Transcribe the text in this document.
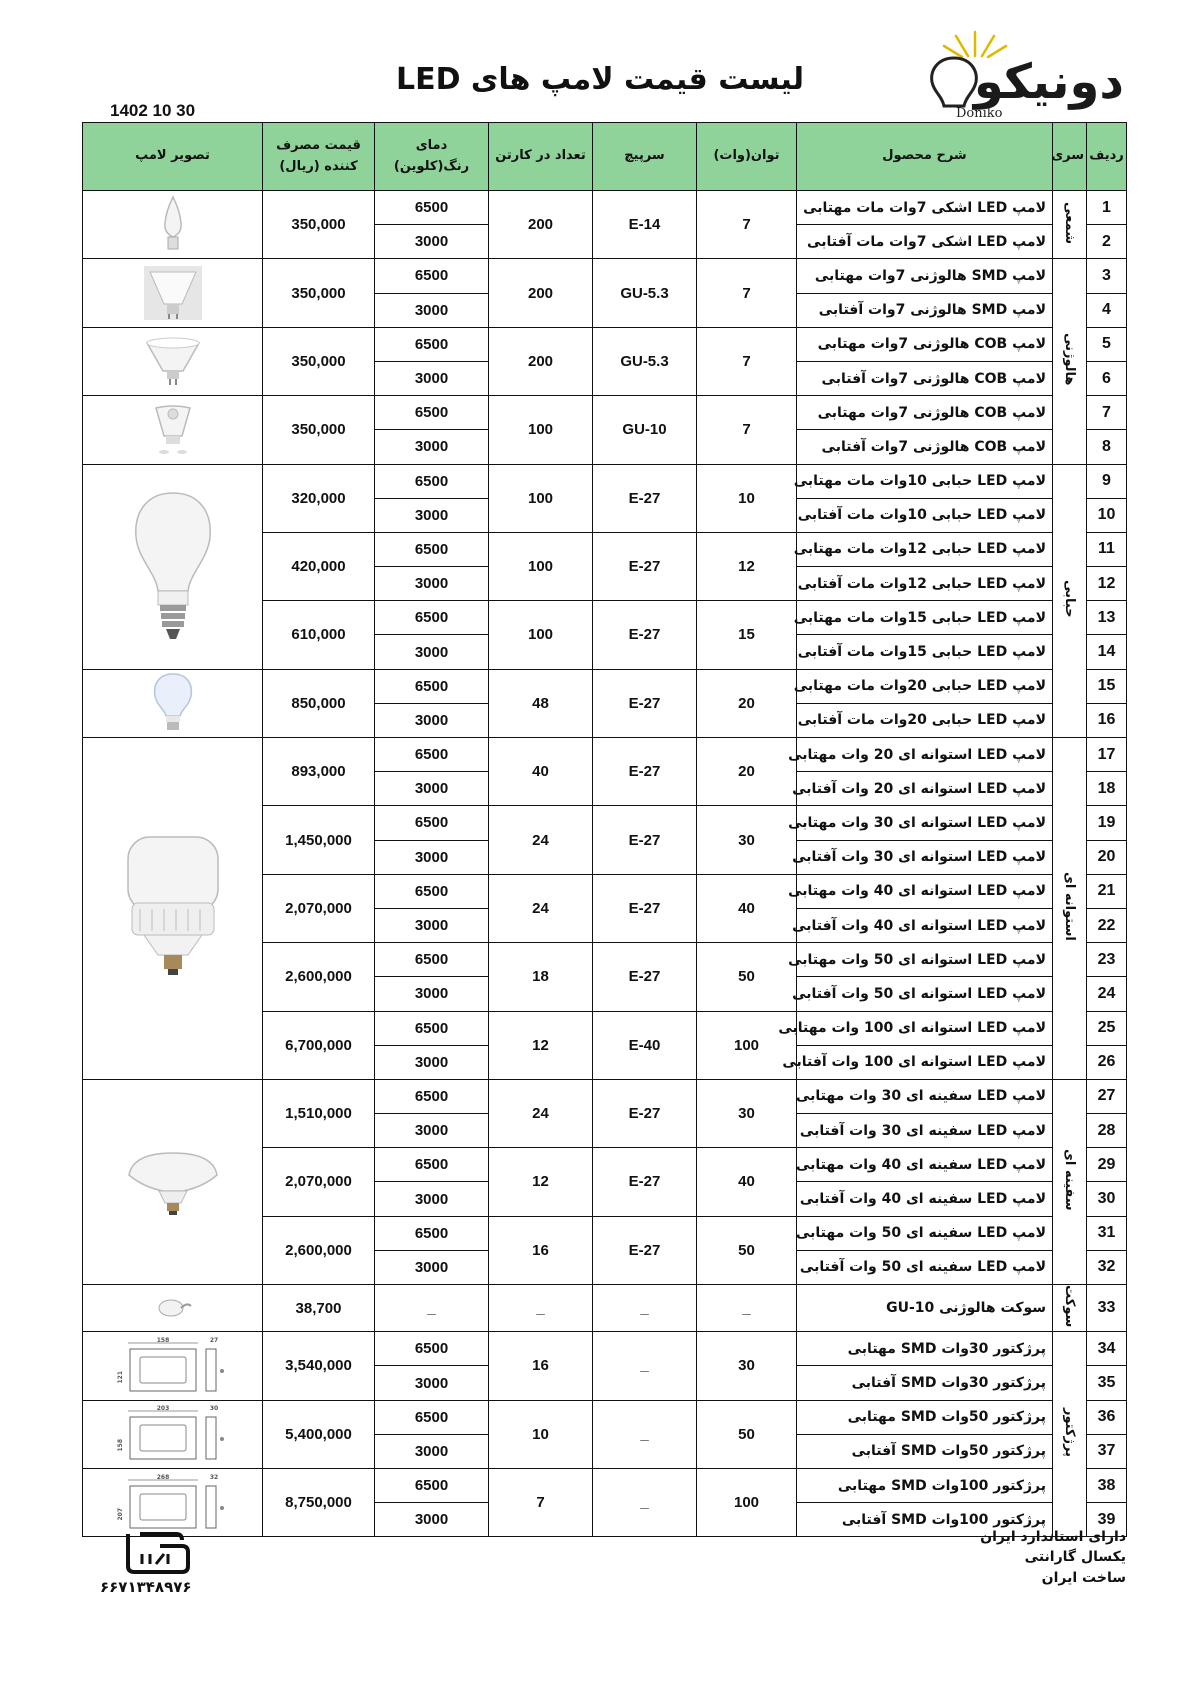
دونیکو
Doniko
لیست قیمت لامپ های LED
1402 10 30
ردیف	سری	شرح محصول	توان(وات)	سرپیچ	تعداد در کارتن	دمای رنگ(کلوین)	قیمت مصرف کننده (ریال)	تصویر لامپ
1	شمعی	لامپ LED اشکی 7وات مات مهتابی	7	E-14	200	6500	350,000	

2		لامپ LED اشکی 7وات مات آفتابی				3000		
3	هالوژنی	لامپ SMD هالوژنی 7وات مهتابی	7	GU-5.3	200	6500	350,000	

4		لامپ SMD هالوژنی 7وات آفتابی				3000		
5		لامپ COB هالوژنی 7وات مهتابی	7	GU-5.3	200	6500	350,000	

6		لامپ COB هالوژنی 7وات آفتابی				3000		
7		لامپ COB هالوژنی 7وات مهتابی	7	GU-10	100	6500	350,000	

8		لامپ COB هالوژنی 7وات آفتابی				3000		
9	حبابی	لامپ LED حبابی 10وات مات مهتابی	10	E-27	100	6500	320,000	

10		لامپ LED حبابی 10وات مات آفتابی				3000		
11		لامپ LED حبابی 12وات مات مهتابی	12	E-27	100	6500	420,000	
12		لامپ LED حبابی 12وات مات آفتابی				3000		
13		لامپ LED حبابی 15وات مات مهتابی	15	E-27	100	6500	610,000	
14		لامپ LED حبابی 15وات مات آفتابی				3000		
15		لامپ LED حبابی 20وات مات مهتابی	20	E-27	48	6500	850,000	

16		لامپ LED حبابی 20وات مات آفتابی				3000		
17	استوانه ای	لامپ LED استوانه ای 20 وات مهتابی	20	E-27	40	6500	893,000	

18		لامپ LED استوانه ای 20 وات آفتابی				3000		
19		لامپ LED استوانه ای 30 وات مهتابی	30	E-27	24	6500	1,450,000	
20		لامپ LED استوانه ای 30 وات آفتابی				3000		
21		لامپ LED استوانه ای 40 وات مهتابی	40	E-27	24	6500	2,070,000	
22		لامپ LED استوانه ای 40 وات آفتابی				3000		
23		لامپ LED استوانه ای 50 وات مهتابی	50	E-27	18	6500	2,600,000	
24		لامپ LED استوانه ای 50 وات آفتابی				3000		
25		لامپ LED استوانه ای 100 وات مهتابی	100	E-40	12	6500	6,700,000	
26		لامپ LED استوانه ای 100 وات آفتابی				3000		
27	سفینه ای	لامپ LED سفینه ای 30 وات مهتابی	30	E-27	24	6500	1,510,000	

28		لامپ LED سفینه ای 30 وات آفتابی				3000		
29		لامپ LED سفینه ای 40 وات مهتابی	40	E-27	12	6500	2,070,000	
30		لامپ LED سفینه ای 40 وات آفتابی				3000		
31		لامپ LED سفینه ای 50 وات مهتابی	50	E-27	16	6500	2,600,000	
32		لامپ LED سفینه ای 50 وات آفتابی				3000		
33	سوکت	سوکت هالوژنی GU-10	_	_	_	_	38,700	

34	پرژکتور	پرژکتور 30وات SMD مهتابی	30	_	16	6500	3,540,000	158 27
121

35		پرژکتور 30وات SMD آفتابی				3000		
36		پرژکتور 50وات SMD مهتابی	50	_	10	6500	5,400,000	203 30
158

37		پرژکتور 50وات SMD آفتابی				3000		
38		پرژکتور 100وات SMD مهتابی	100	_	7	6500	8,750,000	268 32
207

39		پرژکتور 100وات SMD آفتابی				3000		
۶۶۷۱۳۴۸۹۷۶
دارای استاندارد ایران
یکسال گارانتی
ساخت ایران
